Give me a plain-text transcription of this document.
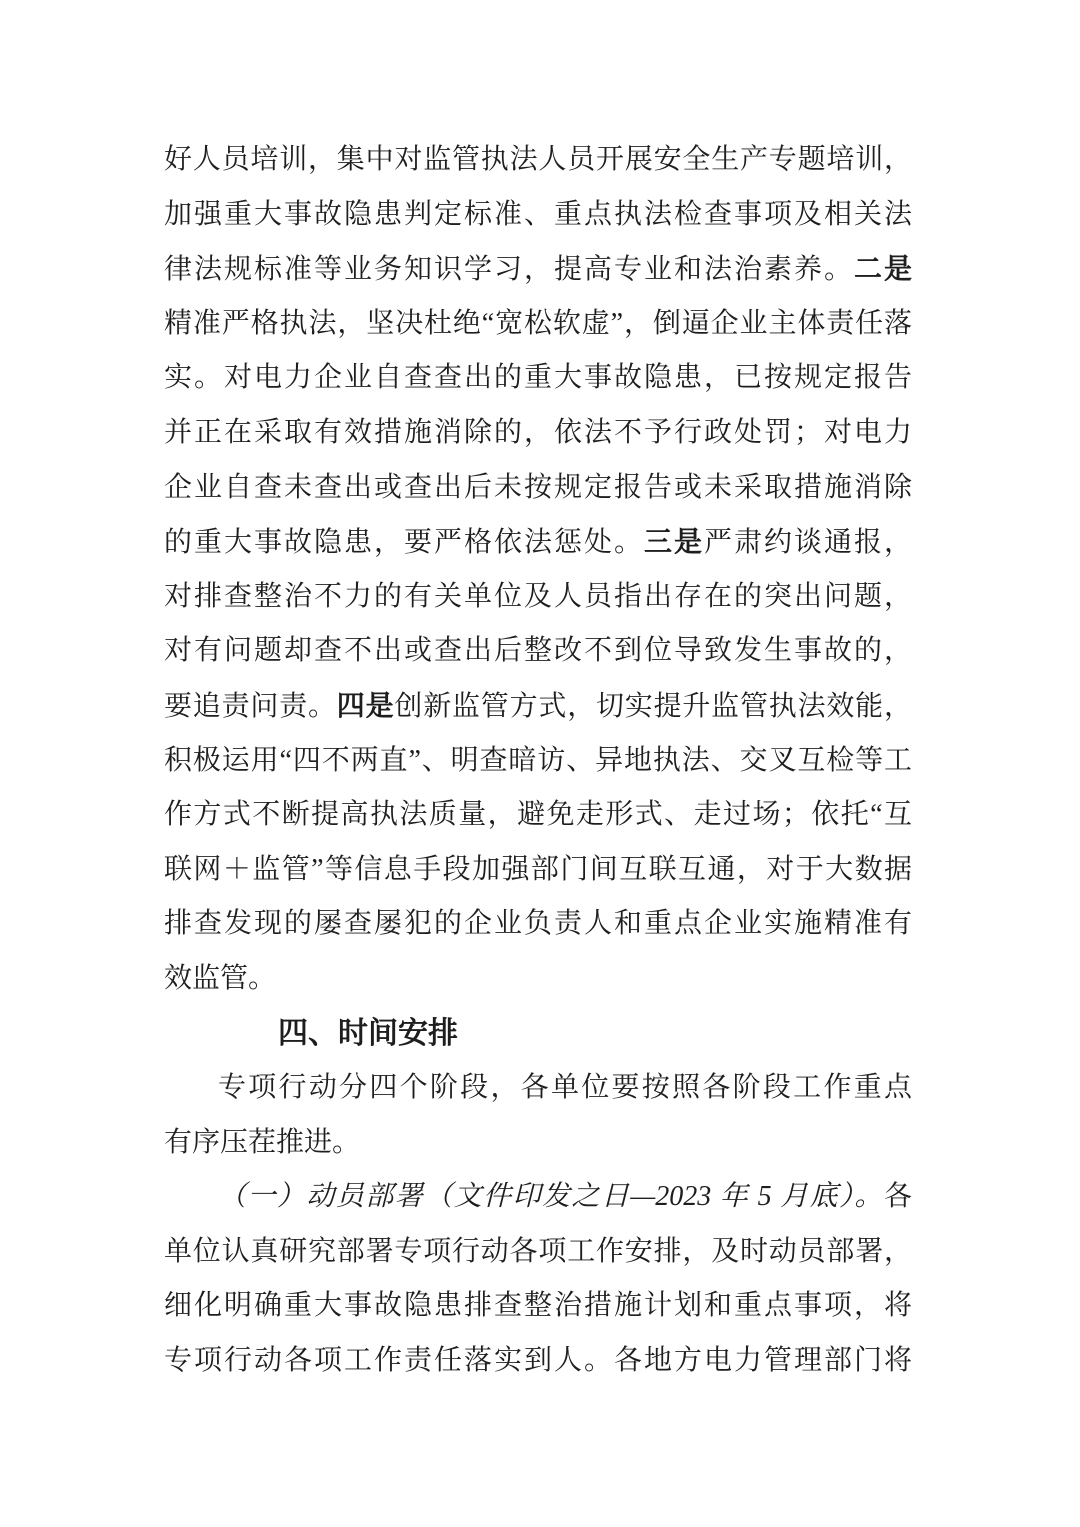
好人员培训，集中对监管执法人员开展安全生产专题培训，
加强重大事故隐患判定标准、重点执法检查事项及相关法
律法规标准等业务知识学习，提高专业和法治素养。二是
精准严格执法，坚决杜绝“宽松软虚”，倒逼企业主体责任落
实。对电力企业自查查出的重大事故隐患，已按规定报告
并正在采取有效措施消除的，依法不予行政处罚；对电力
企业自查未查出或查出后未按规定报告或未采取措施消除
的重大事故隐患，要严格依法惩处。三是严肃约谈通报，
对排查整治不力的有关单位及人员指出存在的突出问题，
对有问题却查不出或查出后整改不到位导致发生事故的，
要追责问责。四是创新监管方式，切实提升监管执法效能，
积极运用“四不两直”、明查暗访、异地执法、交叉互检等工
作方式不断提高执法质量，避免走形式、走过场；依托“互
联网＋监管”等信息手段加强部门间互联互通，对于大数据
排查发现的屡查屡犯的企业负责人和重点企业实施精准有
效监管。
四、时间安排
专项行动分四个阶段，各单位要按照各阶段工作重点
有序压茬推进。
（一）动员部署（文件印发之日—2023 年 5 月底）。各
单位认真研究部署专项行动各项工作安排，及时动员部署，
细化明确重大事故隐患排查整治措施计划和重点事项，将
专项行动各项工作责任落实到人。各地方电力管理部门将
